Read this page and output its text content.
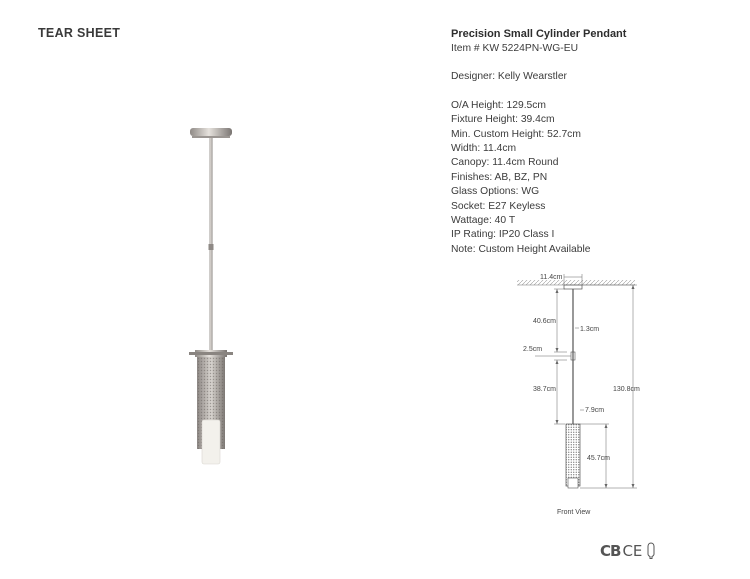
TEAR SHEET	Precision Small Cylinder Pendant
Item # KW 5224PN-WG-EU
Designer: Kelly Wearstler
O/A Height: 129.5cm
Fixture Height: 39.4cm
Min. Custom Height: 52.7cm
Width: 11.4cm
Canopy: 11.4cm Round
Finishes: AB, BZ, PN
Glass Options: WG
Socket: E27 Keyless
Wattage: 40 T
IP Rating: IP20 Class I
Note: Custom Height Available
11.4cm
40.6cm
1.3cm
2.5cm
38.7cm
7.9cm
130.8cm
45.7cm
Front View
CB CE
